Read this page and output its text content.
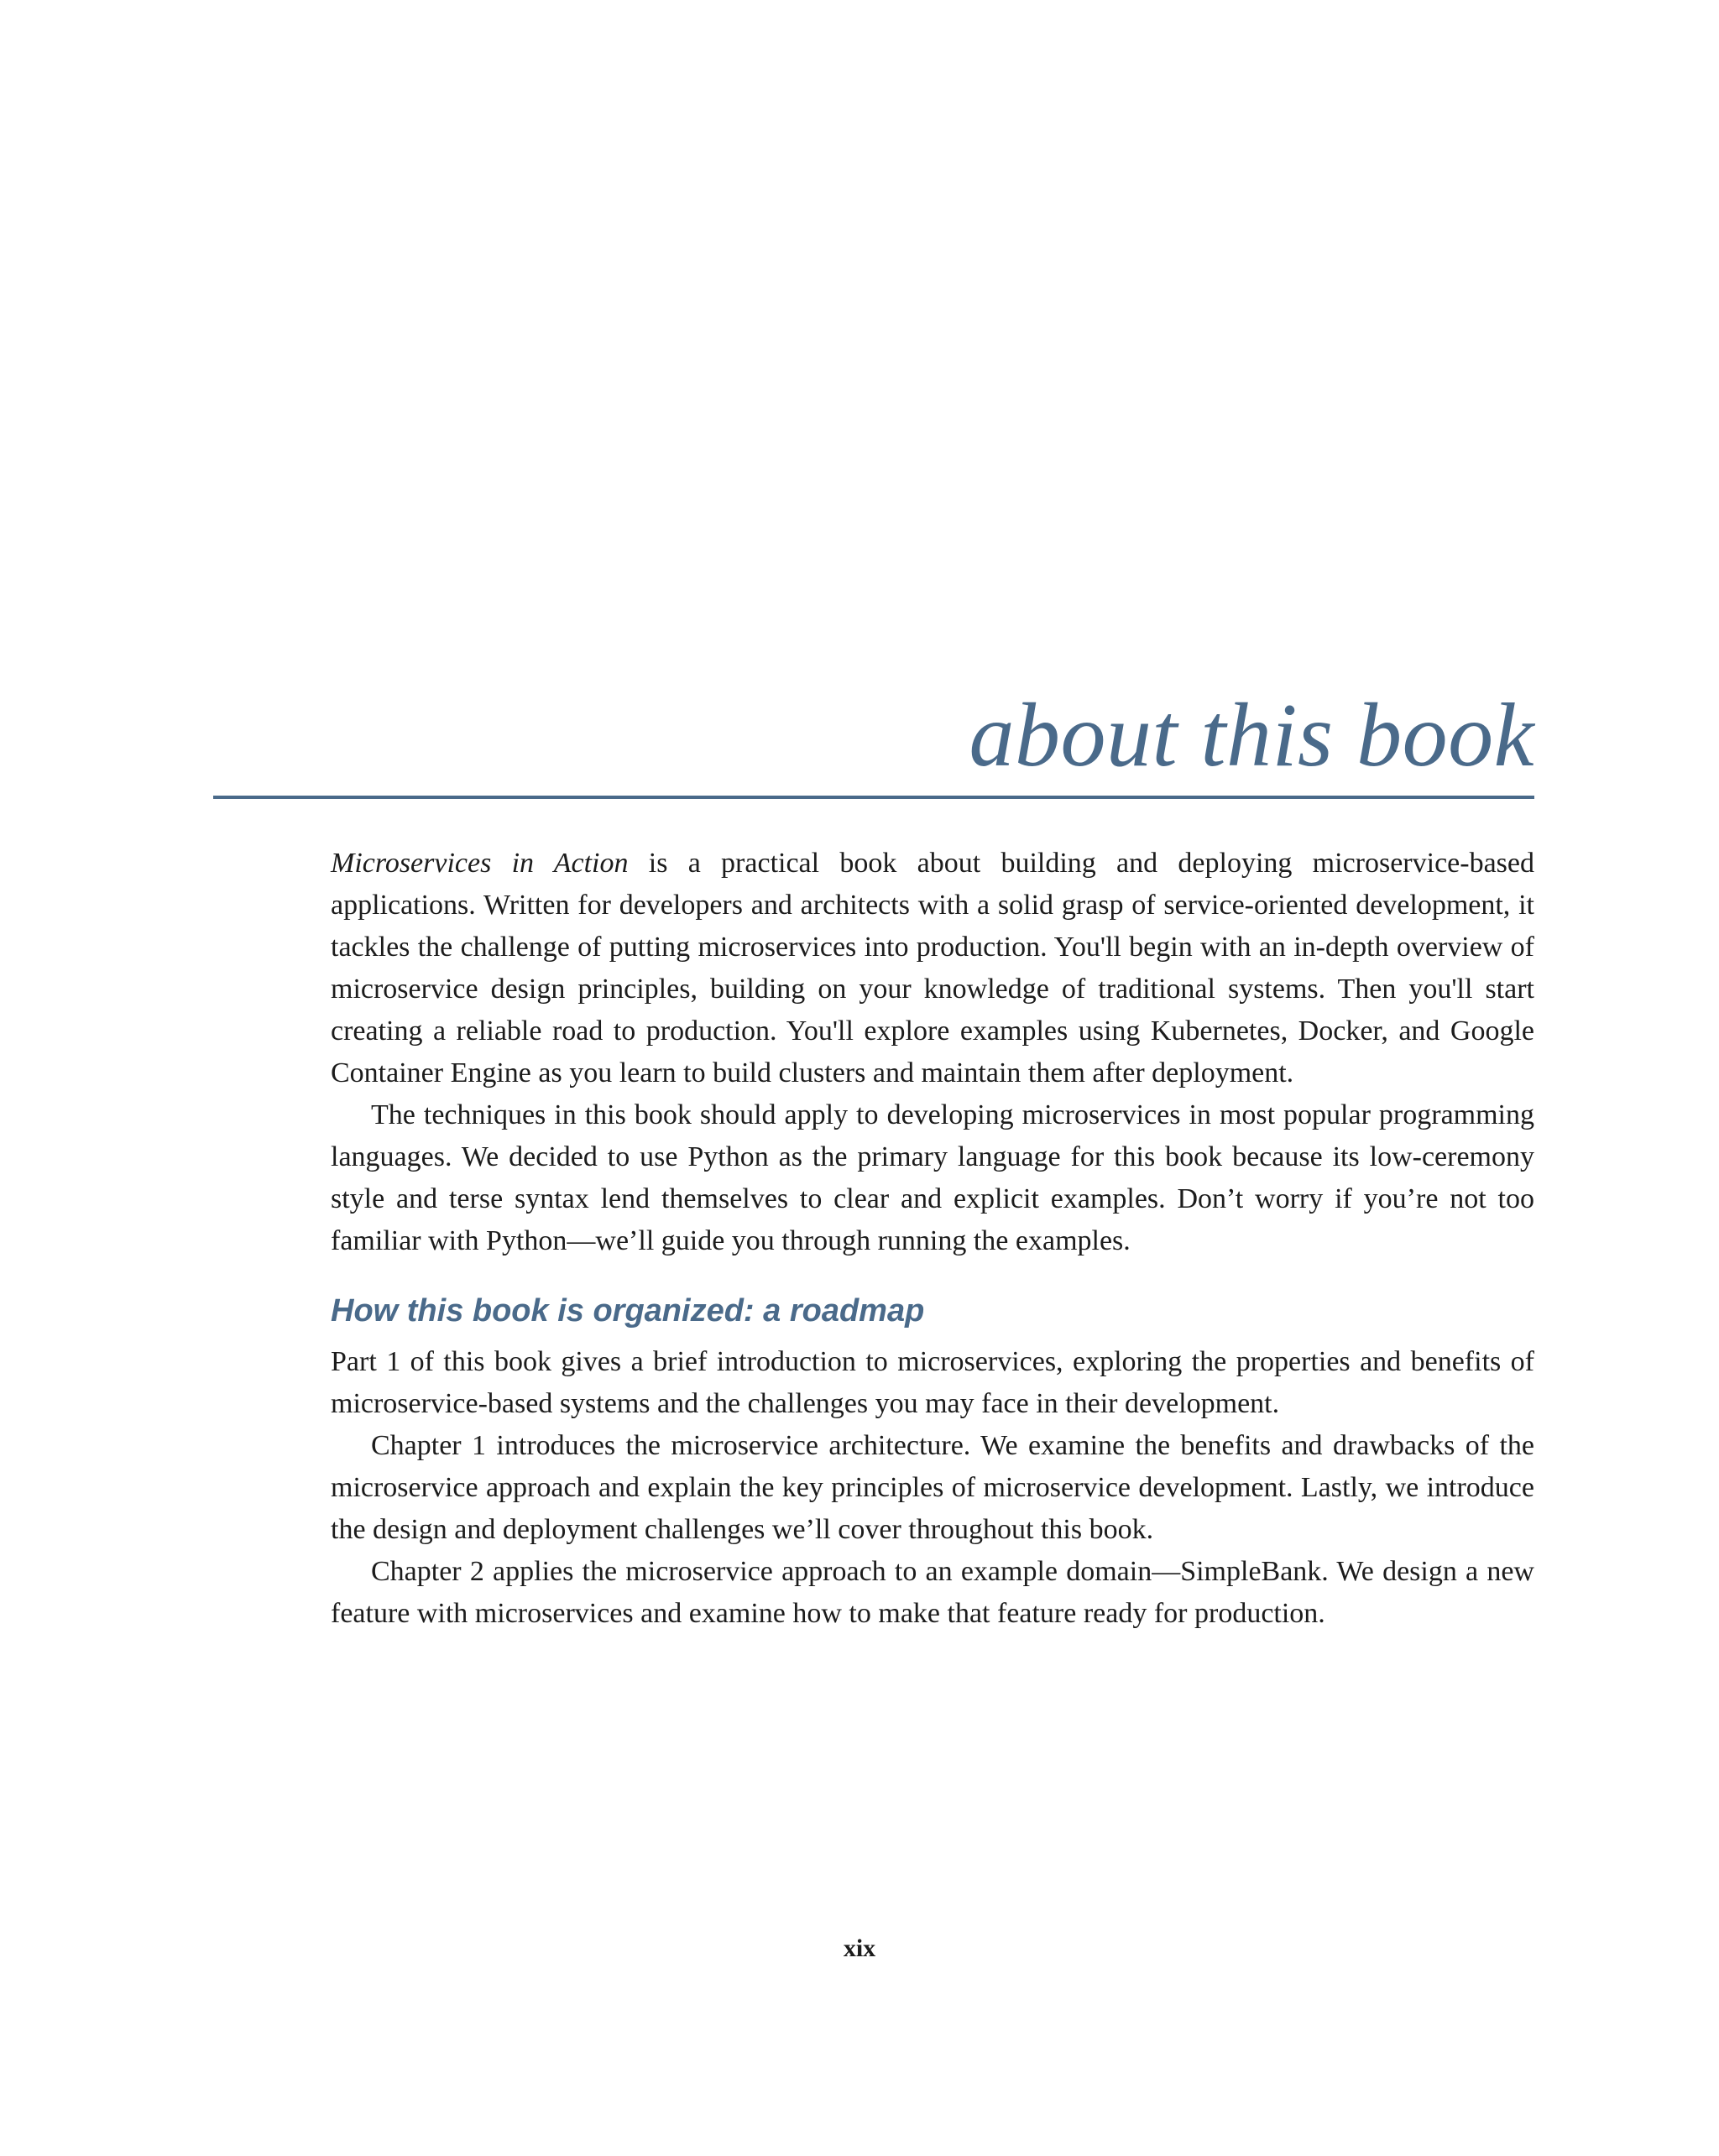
about this book

Microservices in Action is a practical book about building and deploying microservice-based applications. Written for developers and architects with a solid grasp of service-oriented development, it tackles the challenge of putting microservices into production. You'll begin with an in-depth overview of microservice design principles, building on your knowledge of traditional systems. Then you'll start creating a reliable road to production. You'll explore examples using Kubernetes, Docker, and Google Container Engine as you learn to build clusters and maintain them after deployment.

The techniques in this book should apply to developing microservices in most popular programming languages. We decided to use Python as the primary language for this book because its low-ceremony style and terse syntax lend themselves to clear and explicit examples. Don’t worry if you’re not too familiar with Python—we’ll guide you through running the examples.

How this book is organized: a roadmap

Part 1 of this book gives a brief introduction to microservices, exploring the properties and benefits of microservice-based systems and the challenges you may face in their development.

Chapter 1 introduces the microservice architecture. We examine the benefits and drawbacks of the microservice approach and explain the key principles of microservice development. Lastly, we introduce the design and deployment challenges we’ll cover throughout this book.

Chapter 2 applies the microservice approach to an example domain—SimpleBank. We design a new feature with microservices and examine how to make that feature ready for production.

xix
